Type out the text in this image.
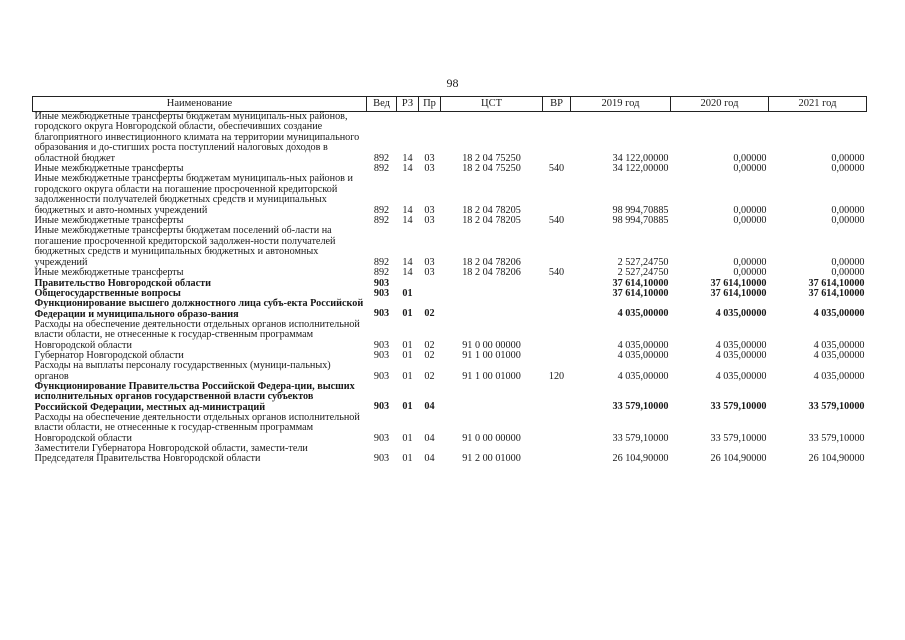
98
Наименование	Вед	РЗ	Пр	ЦСТ	ВР	2019 год	2020 год	2021 год
Иные межбюджетные трансферты бюджетам муниципаль-ных районов, городского округа Новгородской области, обеспечивших создание благоприятного инвестиционного климата на территории муниципального образования и до-стигших роста поступлений налоговых доходов в областной бюджет	892	14	03	18 2 04 75250		34 122,00000	0,00000	0,00000
Иные межбюджетные трансферты	892	14	03	18 2 04 75250	540	34 122,00000	0,00000	0,00000
Иные межбюджетные трансферты бюджетам муниципаль-ных районов и городского округа области на погашение просроченной кредиторской задолженности получателей бюджетных средств и муниципальных бюджетных и авто-номных учреждений	892	14	03	18 2 04 78205		98 994,70885	0,00000	0,00000
Иные межбюджетные трансферты	892	14	03	18 2 04 78205	540	98 994,70885	0,00000	0,00000
Иные межбюджетные трансферты бюджетам поселений об-ласти на погашение просроченной кредиторской задолжен-ности получателей бюджетных средств и муниципальных бюджетных и автономных учреждений	892	14	03	18 2 04 78206		2 527,24750	0,00000	0,00000
Иные межбюджетные трансферты	892	14	03	18 2 04 78206	540	2 527,24750	0,00000	0,00000
Правительство Новгородской области	903					37 614,10000	37 614,10000	37 614,10000
Общегосударственные вопросы	903	01				37 614,10000	37 614,10000	37 614,10000
Функционирование высшего должностного лица субъ-екта Российской Федерации и муниципального образо-вания	903	01	02			4 035,00000	4 035,00000	4 035,00000
Расходы на обеспечение деятельности отдельных органов исполнительной власти области, не отнесенные к государ-ственным программам Новгородской области	903	01	02	91 0 00 00000		4 035,00000	4 035,00000	4 035,00000
Губернатор Новгородской области	903	01	02	91 1 00 01000		4 035,00000	4 035,00000	4 035,00000
Расходы на выплаты персоналу государственных (муници-пальных) органов	903	01	02	91 1 00 01000	120	4 035,00000	4 035,00000	4 035,00000
Функционирование Правительства Российской Федера-ции, высших исполнительных органов государственной власти субъектов Российской Федерации, местных ад-министраций	903	01	04			33 579,10000	33 579,10000	33 579,10000
Расходы на обеспечение деятельности отдельных органов исполнительной власти области, не отнесенные к государ-ственным программам Новгородской области	903	01	04	91 0 00 00000		33 579,10000	33 579,10000	33 579,10000
Заместители Губернатора Новгородской области, замести-тели Председателя Правительства Новгородской области	903	01	04	91 2 00 01000		26 104,90000	26 104,90000	26 104,90000
